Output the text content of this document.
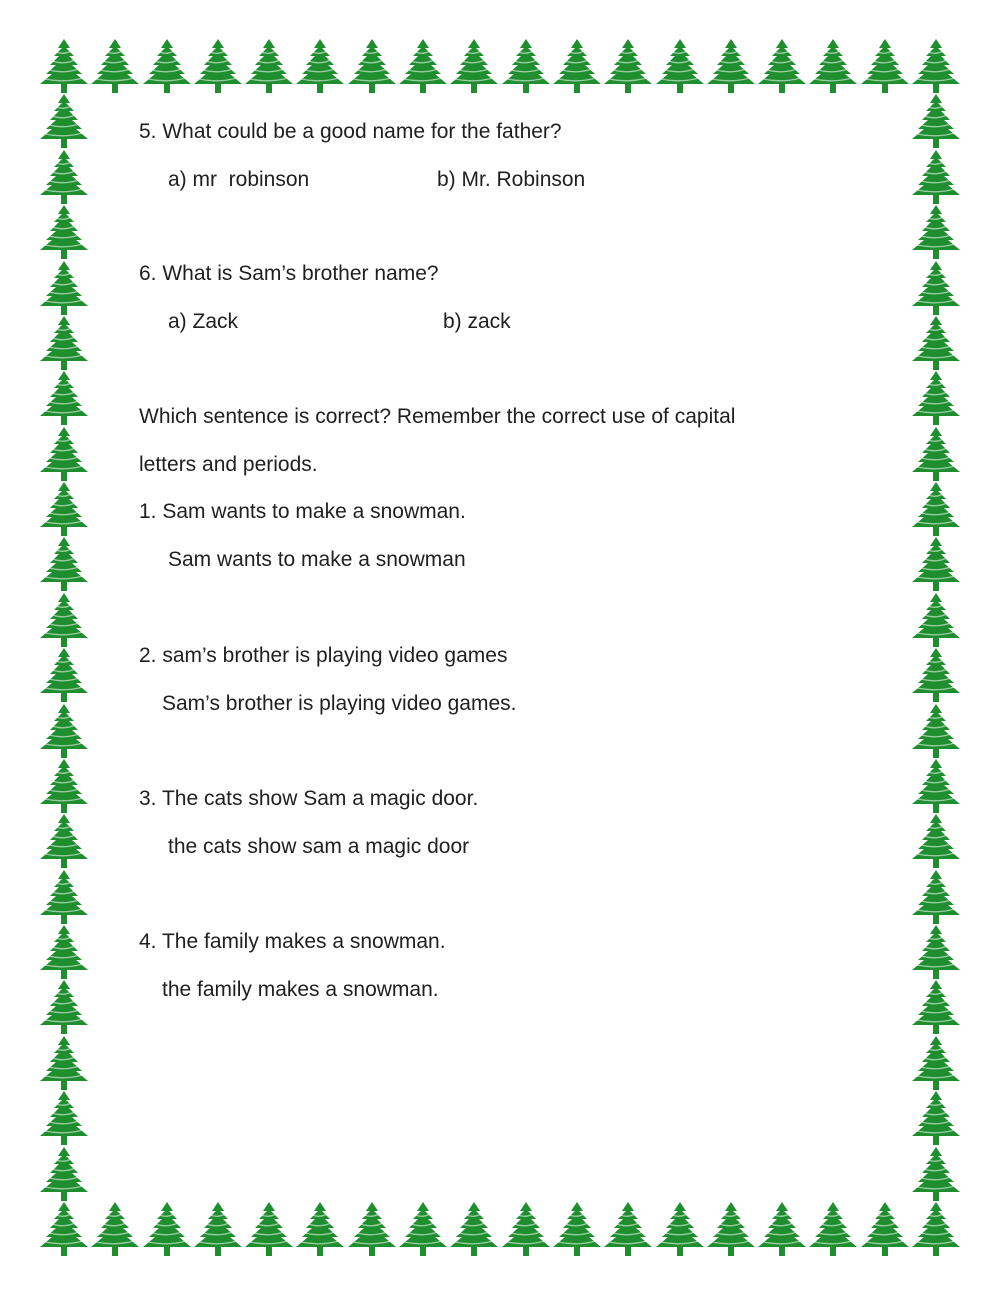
5. What could be a good name for the father?
a) mr  robinson	b) Mr. Robinson
6. What is Sam’s brother name?
a) Zack	b) zack
Which sentence is correct? Remember the correct use of capital
letters and periods.
1. Sam wants to make a snowman.
Sam wants to make a snowman
2. sam’s brother is playing video games
Sam’s brother is playing video games.
3. The cats show Sam a magic door.
the cats show sam a magic door
4. The family makes a snowman.
the family makes a snowman.
